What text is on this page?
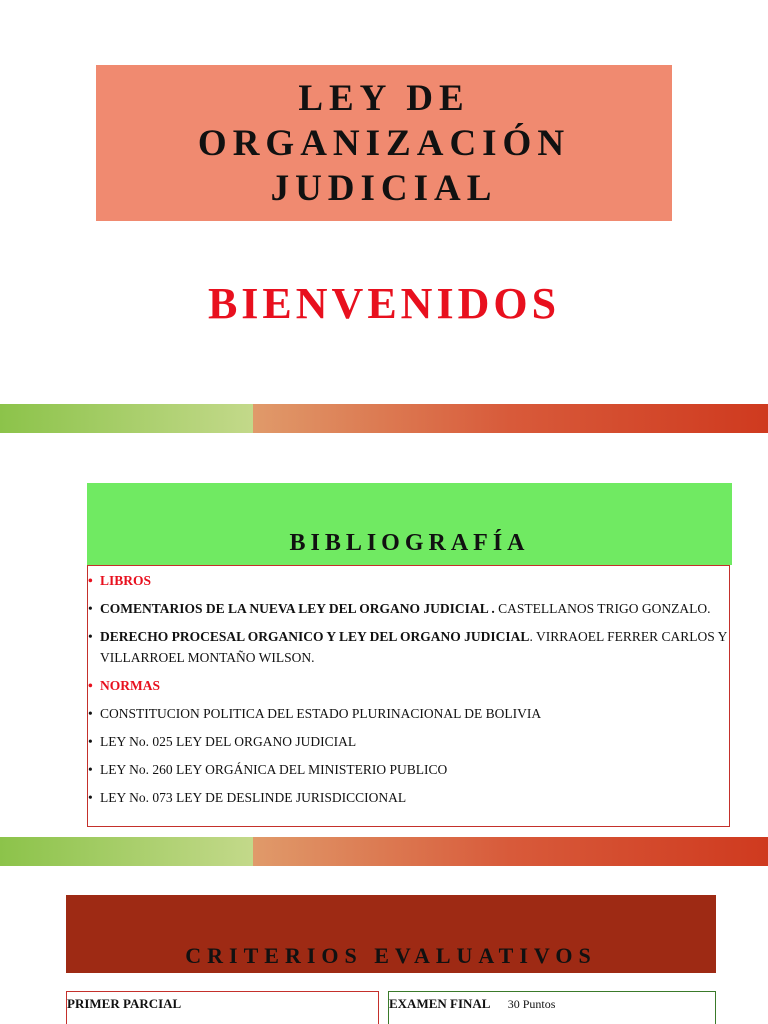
LEY DE
ORGANIZACIÓN
JUDICIAL
BIENVENIDOS
BIBLIOGRAFÍA
• LIBROS
• COMENTARIOS DE LA NUEVA LEY DEL ORGANO JUDICIAL . CASTELLANOS TRIGO GONZALO.
• DERECHO PROCESAL ORGANICO Y LEY DEL ORGANO JUDICIAL. VIRRAOEL FERRER CARLOS Y VILLARROEL MONTAÑO WILSON.
• NORMAS
• CONSTITUCION POLITICA DEL ESTADO PLURINACIONAL DE BOLIVIA
• LEY No. 025 LEY DEL ORGANO JUDICIAL
• LEY No. 260 LEY ORGÁNICA DEL MINISTERIO PUBLICO
• LEY No. 073 LEY DE DESLINDE JURISDICCIONAL
CRITERIOS EVALUATIVOS
PRIMER PARCIAL	EXAMEN FINAL 30 Puntos
